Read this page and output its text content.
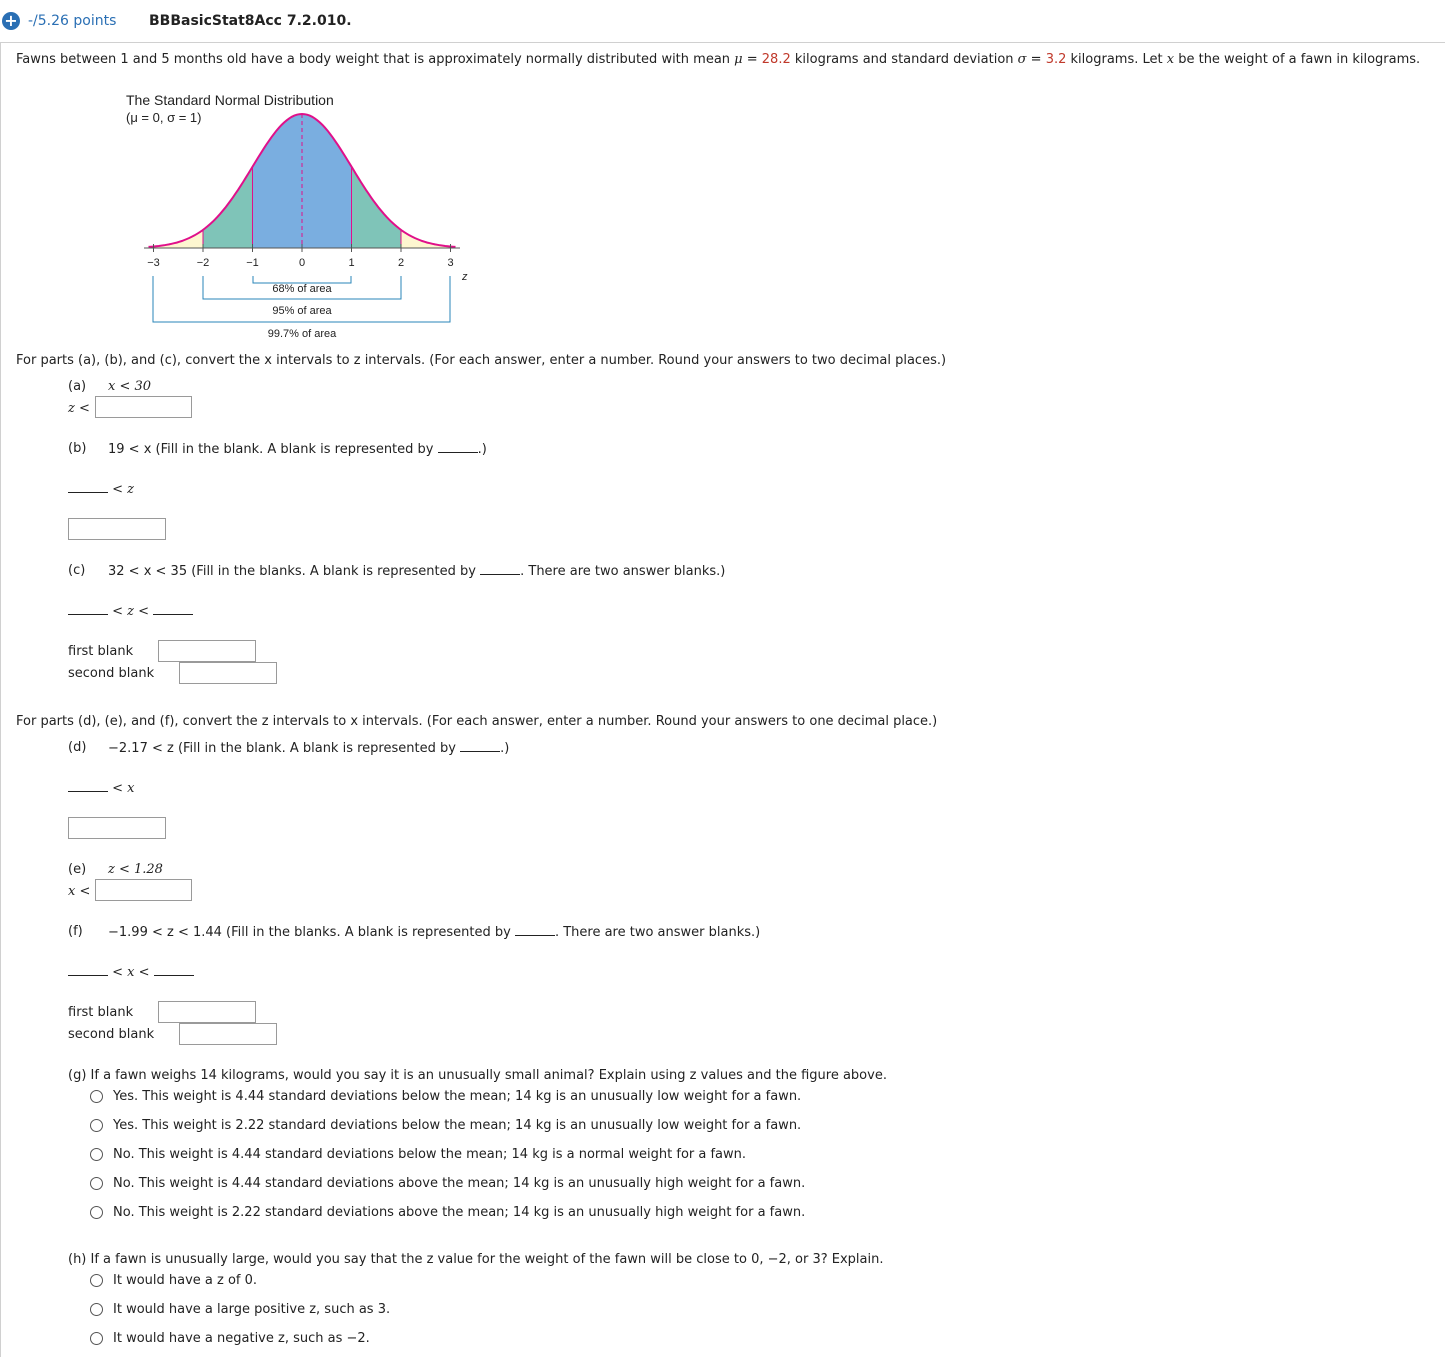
+ -/5.26 points BBBasicStat8Acc 7.2.010.
Fawns between 1 and 5 months old have a body weight that is approximately normally distributed with mean μ = 28.2 kilograms and standard deviation σ = 3.2 kilograms. Let x be the weight of a fawn in kilograms.
The Standard Normal Distribution
(μ = 0, σ = 1)
−3	−2	−1	0	1	2	3
z
68% of area
95% of area
99.7% of area
For parts (a), (b), and (c), convert the x intervals to z intervals. (For each answer, enter a number. Round your answers to two decimal places.)
(a) x < 30
z <
(b) 19 < x (Fill in the blank. A blank is represented by	.)
< z
(c) 32 < x < 35 (Fill in the blanks. A blank is represented by	. There are two answer blanks.)
< z <
first blank
second blank
For parts (d), (e), and (f), convert the z intervals to x intervals. (For each answer, enter a number. Round your answers to one decimal place.)
(d) −2.17 < z (Fill in the blank. A blank is represented by	.)
< x
(e) z < 1.28
x <
(f) −1.99 < z < 1.44 (Fill in the blanks. A blank is represented by	. There are two answer blanks.)
< x <
first blank
second blank
(g) If a fawn weighs 14 kilograms, would you say it is an unusually small animal? Explain using z values and the figure above.
Yes. This weight is 4.44 standard deviations below the mean; 14 kg is an unusually low weight for a fawn.
Yes. This weight is 2.22 standard deviations below the mean; 14 kg is an unusually low weight for a fawn.
No. This weight is 4.44 standard deviations below the mean; 14 kg is a normal weight for a fawn.
No. This weight is 4.44 standard deviations above the mean; 14 kg is an unusually high weight for a fawn.
No. This weight is 2.22 standard deviations above the mean; 14 kg is an unusually high weight for a fawn.
(h) If a fawn is unusually large, would you say that the z value for the weight of the fawn will be close to 0, −2, or 3? Explain.
It would have a z of 0.
It would have a large positive z, such as 3.
It would have a negative z, such as −2.
